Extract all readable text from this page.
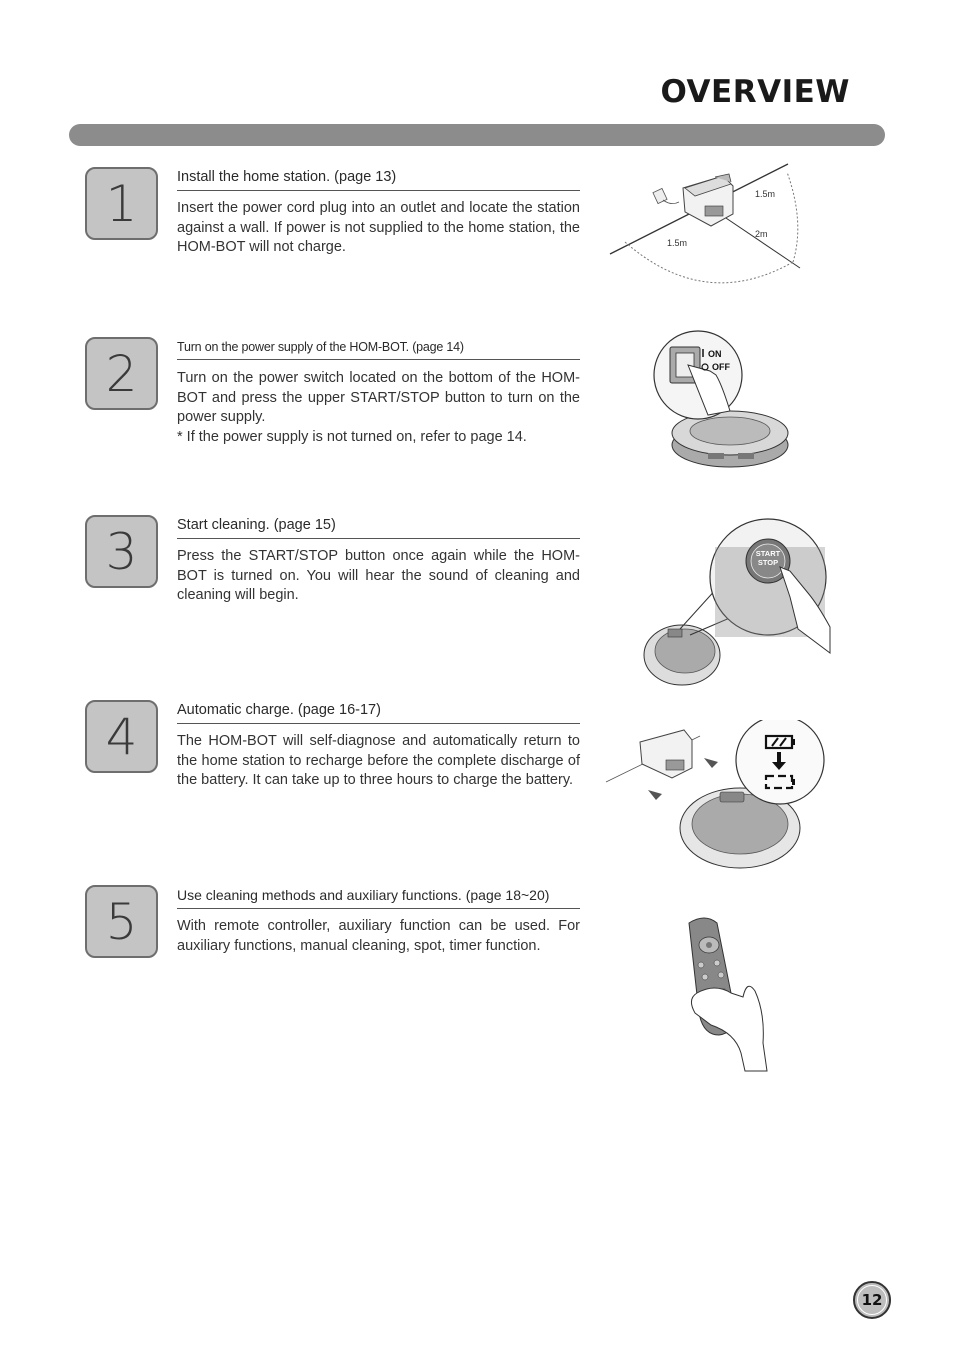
OVERVIEW
1	Install the home station. (page 13)

Insert the power cord plug into an outlet and locate the station against a wall. If power is not supplied to the home station, the HOM-BOT will not charge.

1.5m
1.5m
2m
2	Turn on the power supply of the HOM-BOT. (page 14)

Turn on the power switch located on the bottom of the HOM-BOT and press the upper START/STOP button to turn on the power supply.

* If the power supply is not turned on, refer to page 14.

ON
OFF
3	Start cleaning. (page 15)

Press the START/STOP button once again while the HOM-BOT is turned on. You will hear the sound of cleaning and cleaning will begin.

START
STOP
4	Automatic charge. (page 16-17)

The HOM-BOT will self-diagnose and automatically return to the home station to recharge before the complete discharge of the battery. It can take up to three hours to charge the battery.

5	Use cleaning methods and auxiliary functions. (page 18~20)

With remote controller, auxiliary function can be used. For auxiliary functions, manual cleaning, spot, timer function.

12
